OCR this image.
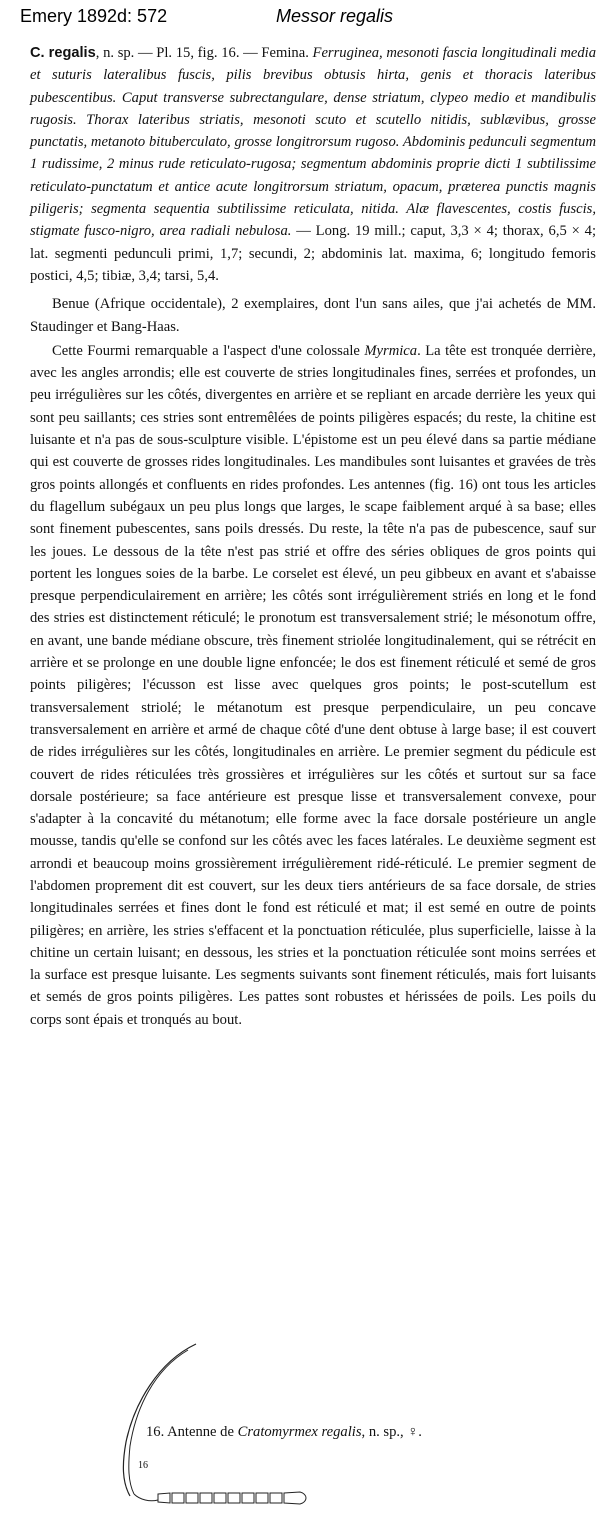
Emery 1892d: 572	Messor regalis

C. regalis, n. sp. — Pl. 15, fig. 16. — Femina. Ferruginea, mesonoti fascia longitudinali media et suturis lateralibus fuscis, pilis brevibus obtusis hirta, genis et thoracis lateribus pubescentibus. Caput transverse subrectangulare, dense striatum, clypeo medio et mandibulis rugosis. Thorax lateribus striatis, mesonoti scuto et scutello nitidis, sublævibus, grosse punctatis, metanoto bituberculato, grosse longitrorsum rugoso. Abdominis pedunculi segmentum 1 rudissime, 2 minus rude reticulato-rugosa; segmentum abdominis proprie dicti 1 subtilissime reticulato-punctatum et antice acute longitrorsum striatum, opacum, præterea punctis magnis piligeris; segmenta sequentia subtilissime reticulata, nitida. Alæ flavescentes, costis fuscis, stigmate fusco-nigro, area radiali nebulosa. — Long. 19 mill.; caput, 3,3 × 4; thorax, 6,5 × 4; lat. segmenti pedunculi primi, 1,7; secundi, 2; abdominis lat. maxima, 6; longitudo femoris postici, 4,5; tibiæ, 3,4; tarsi, 5,4.

Benue (Afrique occidentale), 2 exemplaires, dont l'un sans ailes, que j'ai achetés de MM. Staudinger et Bang-Haas.

Cette Fourmi remarquable a l'aspect d'une colossale Myrmica. La tête est tronquée derrière, avec les angles arrondis; elle est couverte de stries longitudinales fines, serrées et profondes, un peu irrégulières sur les côtés, divergentes en arrière et se repliant en arcade derrière les yeux qui sont peu saillants; ces stries sont entremêlées de points piligères espacés; du reste, la chitine est luisante et n'a pas de sous-sculpture visible. L'épistome est un peu élevé dans sa partie médiane qui est couverte de grosses rides longitudinales. Les mandibules sont luisantes et gravées de très gros points allongés et confluents en rides profondes. Les antennes (fig. 16) ont tous les articles du flagellum subégaux un peu plus longs que larges, le scape faiblement arqué à sa base; elles sont finement pubescentes, sans poils dressés. Du reste, la tête n'a pas de pubescence, sauf sur les joues. Le dessous de la tête n'est pas strié et offre des séries obliques de gros points qui portent les longues soies de la barbe. Le corselet est élevé, un peu gibbeux en avant et s'abaisse presque perpendiculairement en arrière; les côtés sont irrégulièrement striés en long et le fond des stries est distinctement réticulé; le pronotum est transversalement strié; le mésonotum offre, en avant, une bande médiane obscure, très finement striolée longitudinalement, qui se rétrécit en arrière et se prolonge en une double ligne enfoncée; le dos est finement réticulé et semé de gros points piligères; l'écusson est lisse avec quelques gros points; le post-scutellum est transversalement striolé; le métanotum est presque perpendiculaire, un peu concave transversalement en arrière et armé de chaque côté d'une dent obtuse à large base; il est couvert de rides irrégulières sur les côtés, longitudinales en arrière. Le premier segment du pédicule est couvert de rides réticulées très grossières et irrégulières sur les côtés et surtout sur sa face dorsale postérieure; sa face antérieure est presque lisse et transversalement convexe, pour s'adapter à la concavité du métanotum; elle forme avec la face dorsale postérieure un angle mousse, tandis qu'elle se confond sur les côtés avec les faces latérales. Le deuxième segment est arrondi et beaucoup moins grossièrement irrégulièrement ridé-réticulé. Le premier segment de l'abdomen proprement dit est couvert, sur les deux tiers antérieurs de sa face dorsale, de stries longitudinales serrées et fines dont le fond est réticulé et mat; il est semé en outre de points piligères; en arrière, les stries s'effacent et la ponctuation réticulée, plus superficielle, laisse à la chitine un certain luisant; en dessous, les stries et la ponctuation réticulée sont moins serrées et la surface est presque luisante. Les segments suivants sont finement réticulés, mais fort luisants et semés de gros points piligères. Les pattes sont robustes et hérissées de poils. Les poils du corps sont épais et tronqués au bout.

16. Antenne de Cratomyrmex regalis, n. sp., ♀.
16
